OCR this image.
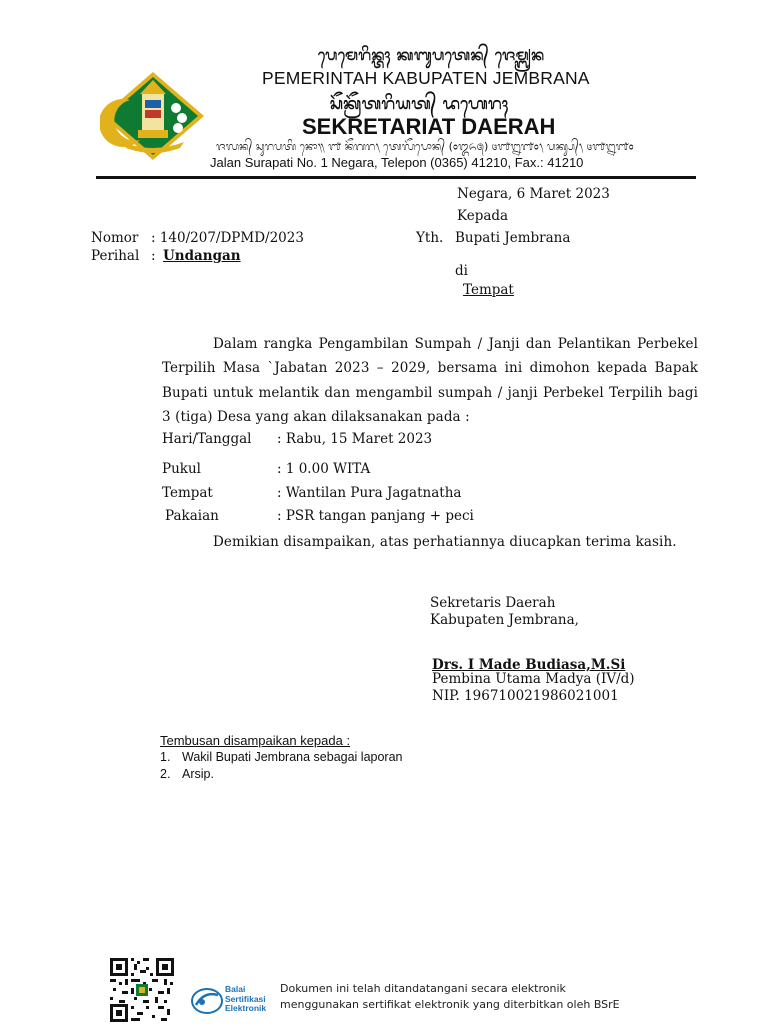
ᬧᬾᬫᬾᬭᬶᬦ᭄ᬢᬄ ᬓᬩᬸᬧᬢᬾᬦ᭄ ᬚᬾᬫ᭄ᬩ᭄ᬭᬦ
PEMERINTAH KABUPATEN JEMBRANA
ᬲᭂᬓ᭄ᬭᭂᬢᬭᬶᬬᬢ᭄ ᬤᬳᬾᬭᬄ
SEKRETARIAT DAERAH
ᬚᬮᬦ᭄ ᬲᬸᬭᬧᬢᬶ ᬦᭀ᭟ ᭑ ᬦᭂᬕᬭ᭞ ᬢᬾᬮᭂᬧᭀᬦ᭄ (᭐᭓᭖᭕) ᭔᭑᭒᭑᭐᭞ ᬧᬓ᭄ᬲ᭄᭞ ᭔᭑᭒᭑᭐
Jalan Surapati No. 1 Negara, Telepon (0365) 41210, Fax.: 41210
Negara, 6 Maret 2023
Kepada
Yth. Bupati Jembrana
di
Tempat
Nomor : 140/207/DPMD/2023
Perihal : Undangan
Dalam rangka Pengambilan Sumpah / Janji dan Pelantikan Perbekel Terpilih Masa `Jabatan 2023 – 2029, bersama ini dimohon kepada Bapak Bupati untuk melantik dan mengambil sumpah / janji Perbekel Terpilih bagi 3 (tiga) Desa yang akan dilaksanakan pada :
Hari/Tanggal : Rabu, 15 Maret 2023
Pukul	: 1 0.00 WITA
Tempat	: Wantilan Pura Jagatnatha
Pakaian	: PSR tangan panjang + peci
Demikian disampaikan, atas perhatiannya diucapkan terima kasih.
Sekretaris Daerah
Kabupaten Jembrana,
Drs. I Made Budiasa,M.Si
Pembina Utama Madya (IV/d)
NIP. 196710021986021001
Tembusan disampaikan kepada :
1. Wakil Bupati Jembrana sebagai laporan
2. Arsip.
Balai
Sertifikasi
Elektronik
Dokumen ini telah ditandatangani secara elektronik
menggunakan sertifikat elektronik yang diterbitkan oleh BSrE
